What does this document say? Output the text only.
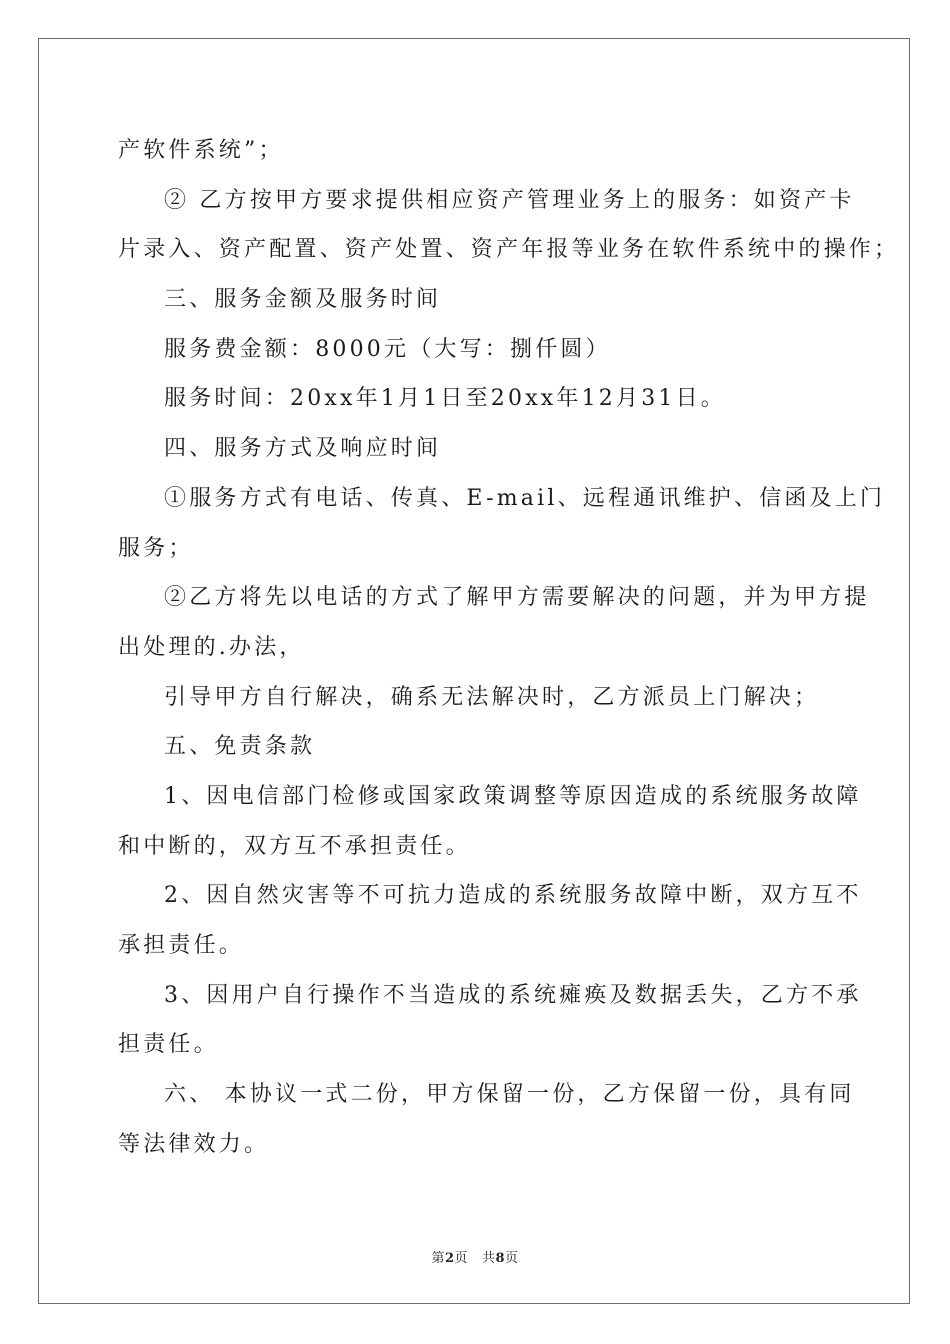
产软件系统”；
② 乙方按甲方要求提供相应资产管理业务上的服务：如资产卡
片录入、资产配置、资产处置、资产年报等业务在软件系统中的操作；
三、服务金额及服务时间
服务费金额：8000元（大写：捌仟圆）
服务时间：20xx年1月1日至20xx年12月31日。
四、服务方式及响应时间
①服务方式有电话、传真、E-mail、远程通讯维护、信函及上门
服务；
②乙方将先以电话的方式了解甲方需要解决的问题，并为甲方提
出处理的.办法，
引导甲方自行解决，确系无法解决时，乙方派员上门解决；
五、免责条款
1、因电信部门检修或国家政策调整等原因造成的系统服务故障
和中断的，双方互不承担责任。
2、因自然灾害等不可抗力造成的系统服务故障中断，双方互不
承担责任。
3、因用户自行操作不当造成的系统瘫痪及数据丢失，乙方不承
担责任。
六、 本协议一式二份，甲方保留一份，乙方保留一份，具有同
等法律效力。
第2页 共8页
